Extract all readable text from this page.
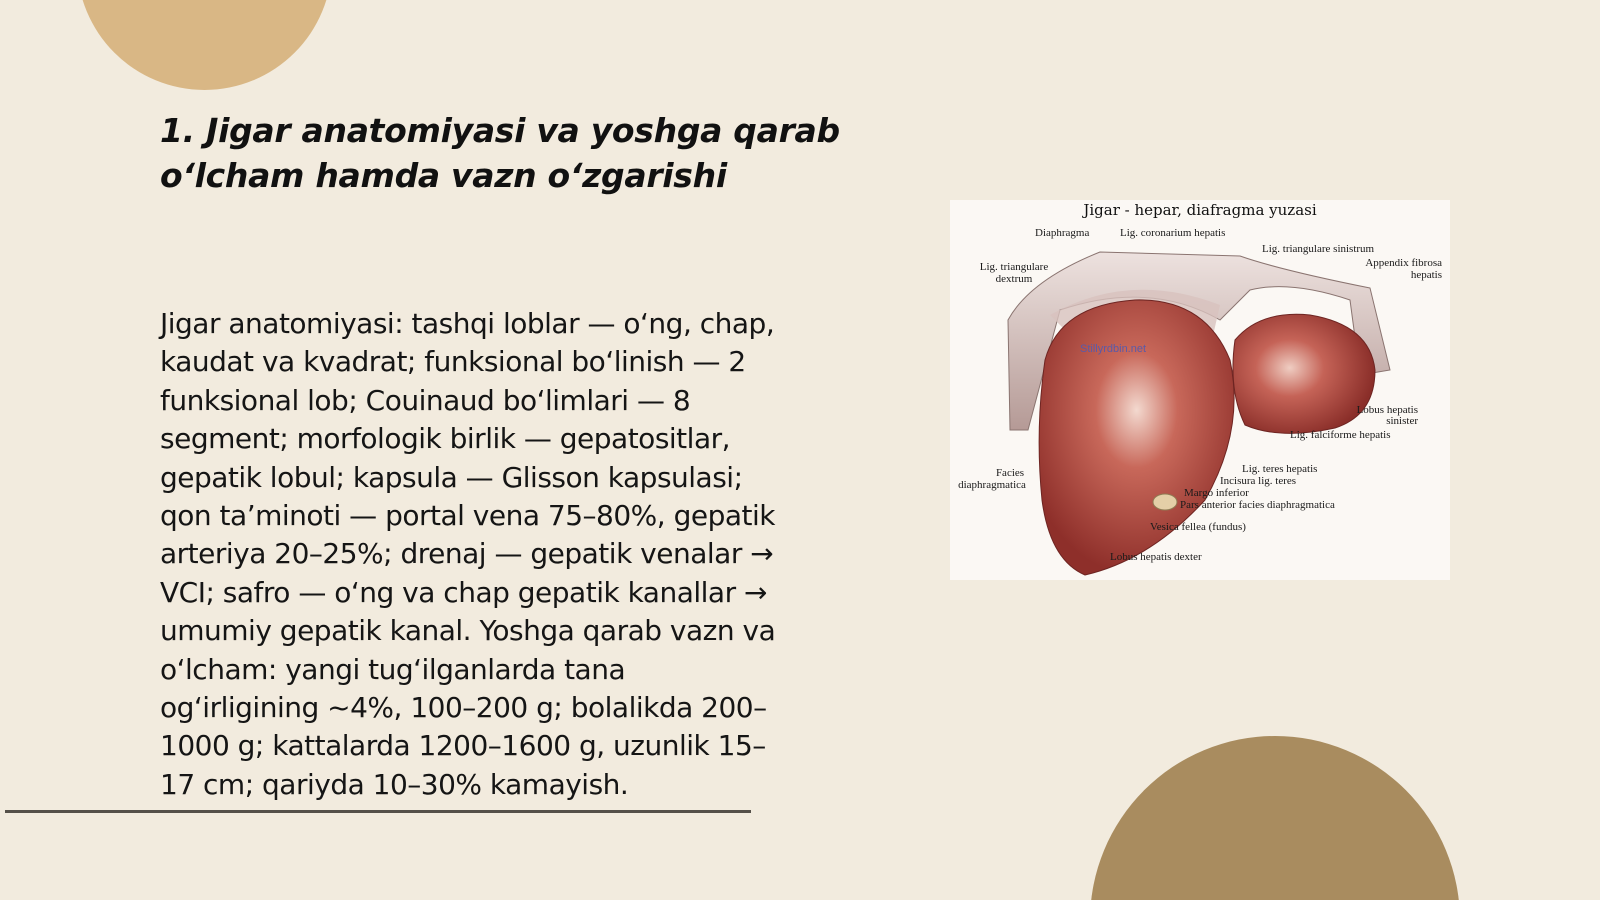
1. Jigar anatomiyasi va yoshga qarab
o‘lcham hamda vazn o‘zgarishi

Jigar anatomiyasi: tashqi loblar — o‘ng, chap,
kaudat va kvadrat; funksional bo‘linish — 2
funksional lob; Couinaud bo‘limlari — 8
segment; morfologik birlik — gepatositlar,
gepatik lobul; kapsula — Glisson kapsulasi;
qon ta’minoti — portal vena 75–80%, gepatik
arteriya 20–25%; drenaj — gepatik venalar →
VCI; safro — o‘ng va chap gepatik kanallar →
umumiy gepatik kanal. Yoshga qarab vazn va
o‘lcham: yangi tug‘ilganlarda tana
og‘irligining ~4%, 100–200 g; bolalikda 200–
1000 g; kattalarda 1200–1600 g, uzunlik 15–
17 cm; qariyda 10–30% kamayish.

Jigar - hepar, diafragma yuzasi
Stillyrdbin.net
Diaphragma	Lig. coronarium hepatis
Lig. triangulare sinistrum
Appendix fibrosa
hepatis
Lig. triangulare
dextrum
Lobus hepatis
sinister
Lig. falciforme hepatis
Facies
diaphragmatica
Lig. teres hepatis
Incisura lig. teres
Margo inferior
Pars anterior facies diaphragmatica
Vesica fellea (fundus)
Lobus hepatis dexter
